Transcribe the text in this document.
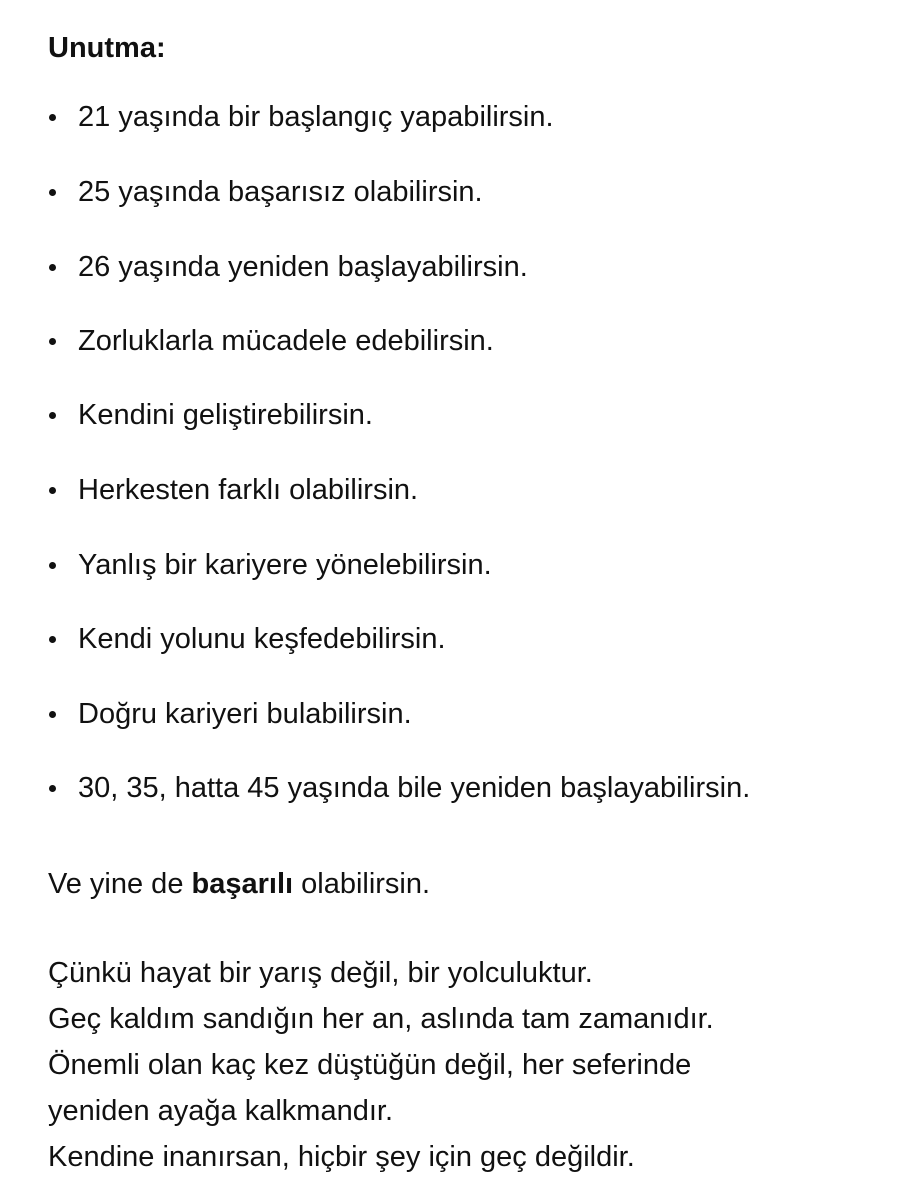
Unutma:
21 yaşında bir başlangıç yapabilirsin.
25 yaşında başarısız olabilirsin.
26 yaşında yeniden başlayabilirsin.
Zorluklarla mücadele edebilirsin.
Kendini geliştirebilirsin.
Herkesten farklı olabilirsin.
Yanlış bir kariyere yönelebilirsin.
Kendi yolunu keşfedebilirsin.
Doğru kariyeri bulabilirsin.
30, 35, hatta 45 yaşında bile yeniden başlayabilirsin.
Ve yine de başarılı olabilirsin.
Çünkü hayat bir yarış değil, bir yolculuktur.
Geç kaldım sandığın her an, aslında tam zamanıdır.
Önemli olan kaç kez düştüğün değil, her seferinde
yeniden ayağa kalkmandır.
Kendine inanırsan, hiçbir şey için geç değildir.
